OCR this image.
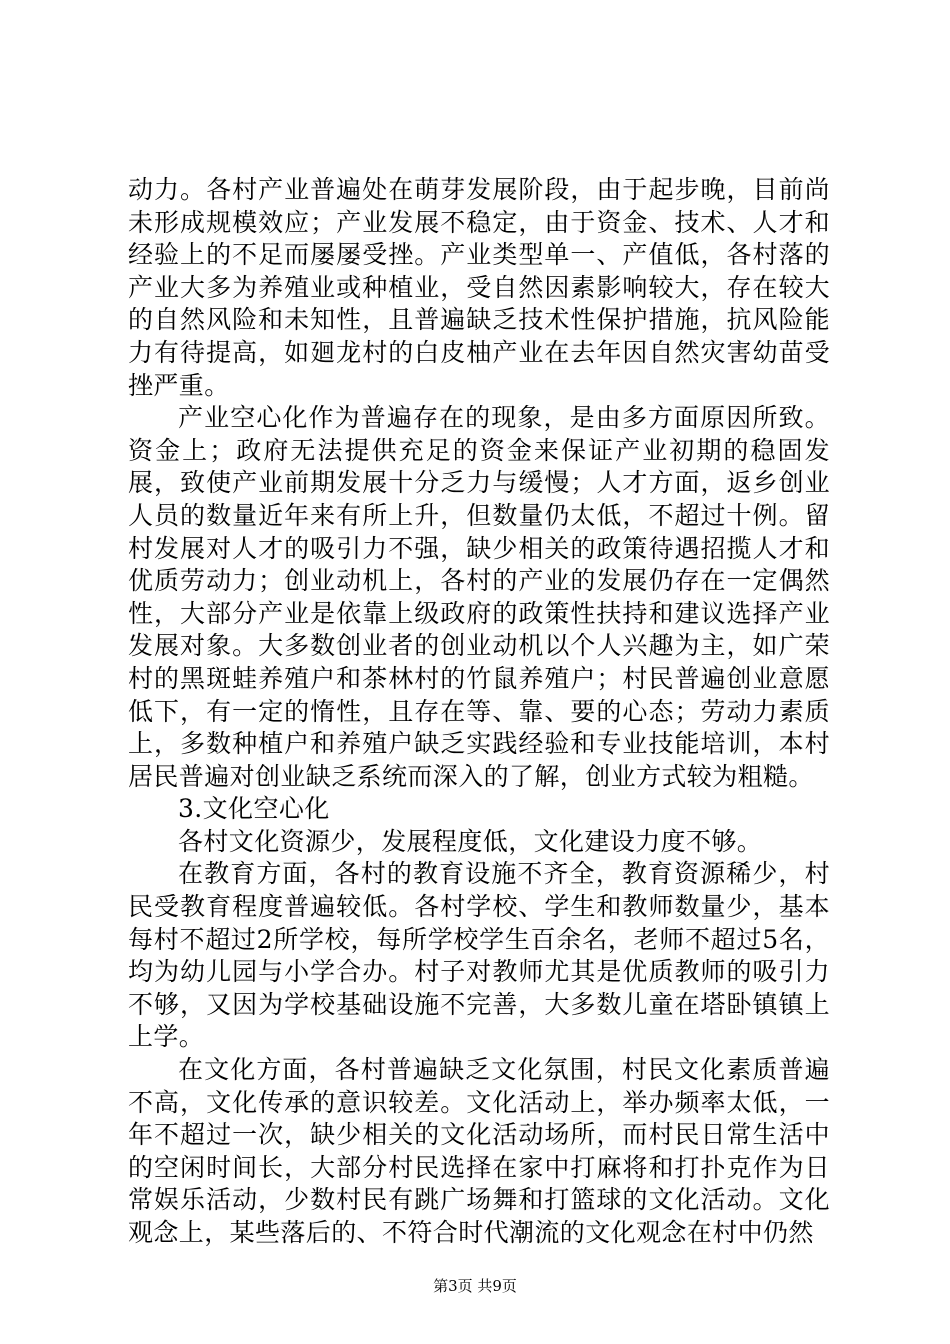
动力。各村产业普遍处在萌芽发展阶段，由于起步晚，目前尚未形成规模效应；产业发展不稳定，由于资金、技术、人才和经验上的不足而屡屡受挫。产业类型单一、产值低，各村落的产业大多为养殖业或种植业，受自然因素影响较大，存在较大的自然风险和未知性，且普遍缺乏技术性保护措施，抗风险能力有待提高，如廻龙村的白皮柚产业在去年因自然灾害幼苗受挫严重。

产业空心化作为普遍存在的现象，是由多方面原因所致。资金上；政府无法提供充足的资金来保证产业初期的稳固发展，致使产业前期发展十分乏力与缓慢；人才方面，返乡创业人员的数量近年来有所上升，但数量仍太低，不超过十例。留村发展对人才的吸引力不强，缺少相关的政策待遇招揽人才和优质劳动力；创业动机上，各村的产业的发展仍存在一定偶然性，大部分产业是依靠上级政府的政策性扶持和建议选择产业发展对象。大多数创业者的创业动机以个人兴趣为主，如广荣村的黑斑蛙养殖户和茶林村的竹鼠养殖户；村民普遍创业意愿低下，有一定的惰性，且存在等、靠、要的心态；劳动力素质上，多数种植户和养殖户缺乏实践经验和专业技能培训，本村居民普遍对创业缺乏系统而深入的了解，创业方式较为粗糙。

3.文化空心化

各村文化资源少，发展程度低，文化建设力度不够。

在教育方面，各村的教育设施不齐全，教育资源稀少，村民受教育程度普遍较低。各村学校、学生和教师数量少，基本每村不超过2所学校，每所学校学生百余名，老师不超过5名，均为幼儿园与小学合办。村子对教师尤其是优质教师的吸引力不够，又因为学校基础设施不完善，大多数儿童在塔卧镇镇上上学。

在文化方面，各村普遍缺乏文化氛围，村民文化素质普遍不高，文化传承的意识较差。文化活动上，举办频率太低，一年不超过一次，缺少相关的文化活动场所，而村民日常生活中的空闲时间长，大部分村民选择在家中打麻将和打扑克作为日常娱乐活动，少数村民有跳广场舞和打篮球的文化活动。文化观念上，某些落后的、不符合时代潮流的文化观念在村中仍然

第3页 共9页
